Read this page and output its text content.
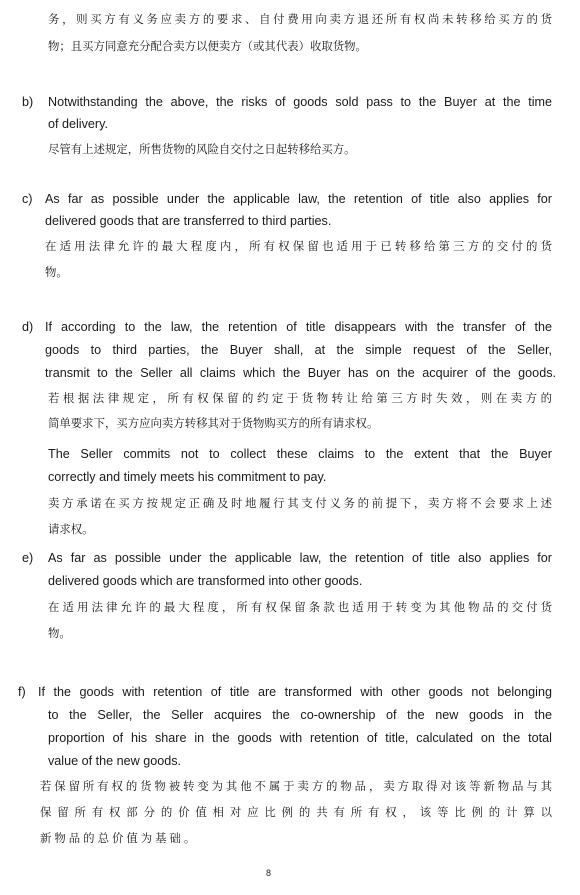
务，则买方有义务应卖方的要求、自付费用向卖方退还所有权尚未转移给买方的货
物；且买方同意充分配合卖方以便卖方（或其代表）收取货物。
b) Notwithstanding the above, the risks of goods sold pass to the Buyer at the time
of delivery.
尽管有上述规定，所售货物的风险自交付之日起转移给买方。
c) As far as possible under the applicable law, the retention of title also applies for
delivered goods that are transferred to third parties.
在适用法律允许的最大程度内，所有权保留也适用于已转移给第三方的交付的货
物。
d) If according to the law, the retention of title disappears with the transfer of the
goods to third parties, the Buyer shall, at the simple request of the Seller,
transmit to the Seller all claims which the Buyer has on the acquirer of the goods.
若根据法律规定，所有权保留的约定于货物转让给第三方时失效，则在卖方的
简单要求下，买方应向卖方转移其对于货物购买方的所有请求权。
The Seller commits not to collect these claims to the extent that the Buyer
correctly and timely meets his commitment to pay.
卖方承诺在买方按规定正确及时地履行其支付义务的前提下，卖方将不会要求上述
请求权。
e) As far as possible under the applicable law, the retention of title also applies for
delivered goods which are transformed into other goods.
在适用法律允许的最大程度，所有权保留条款也适用于转变为其他物品的交付货
物。
f) If the goods with retention of title are transformed with other goods not belonging
to the Seller, the Seller acquires the co-ownership of the new goods in the
proportion of his share in the goods with retention of title, calculated on the total
value of the new goods.
若保留所有权的货物被转变为其他不属于卖方的物品，卖方取得对该等新物品与其
保留所有权部分的价值相对应比例的共有所有权，该等比例的计算以
新物品的总价值为基础。
8
